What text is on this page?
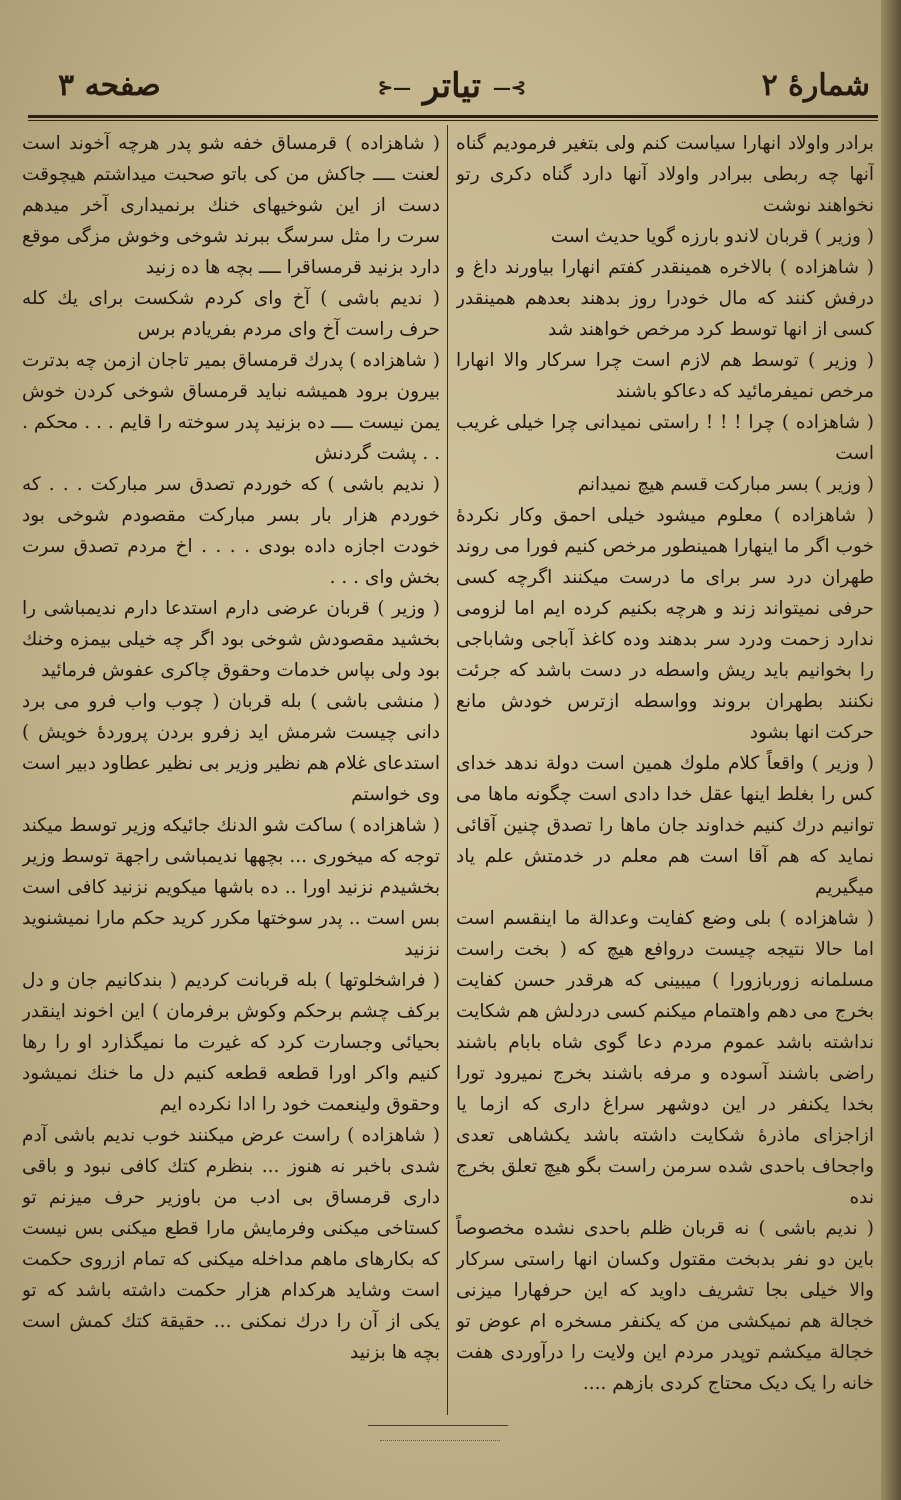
شمارۀ ۲
⊱— تیاتر —⊰
صفحه ۳

برادر واولاد انهارا سیاست کنم ولی بتغیر فرمودیم گناه آنها چه ربطی ببرادر واولاد آنها دارد گناه دکری رتو نخواهند نوشت

( وزیر ) قربان لاندو بارزه گویا حدیث است

( شاهزاده ) بالاخره همینقدر کفتم انهارا بیاورند داغ و درفش کنند که مال خودرا روز بدهند بعدهم همینقدر کسی از انها توسط کرد مرخص خواهند شد

( وزیر ) توسط هم لازم است چرا سرکار والا انهارا مرخص نمیفرمائید که دعاکو باشند

( شاهزاده ) چرا ! ! ! راستی نمیدانی چرا خیلی غریب است

( وزیر ) بسر مبارکت قسم هیچ نمیدانم

( شاهزاده ) معلوم میشود خیلی احمق وکار نکردۀ خوب اگر ما اینهارا همینطور مرخص کنیم فورا می روند طهران درد سر برای ما درست میکنند اگرچه کسی حرفی نمیتواند زند و هرچه بکنیم کرده ایم اما لزومی ندارد زحمت ودرد سر بدهند وده کاغذ آباجی وشاباجی را بخوانیم باید ریش واسطه در دست باشد که جرئت نکنند بطهران بروند وواسطه ازترس خودش مانع حرکت انها بشود

( وزیر ) واقعاً کلام ملوك همین است دولة ندهد خدای کس را بغلط اینها عقل خدا دادی است چگونه ماها می توانیم درك کنیم خداوند جان ماها را تصدق چنین آقائی نماید که هم آقا است هم معلم در خدمتش علم یاد میگیریم

( شاهزاده ) بلی وضع کفایت وعدالة ما اینقسم است اما حالا نتیجه چیست دروافع هیچ که ( بخت راست مسلمانه زوربازورا ) میبینی که هرقدر حسن کفایت بخرج می دهم واهتمام میکنم کسی دردلش هم شکایت نداشته باشد عموم مردم دعا گوی شاه بابام باشند راضی باشند آسوده و مرفه باشند بخرج نمیرود تورا بخدا یکنفر در این دوشهر سراغ داری که ازما یا ازاجزای ماذرۀ شکایت داشته باشد یکشاهی تعدی واجحاف باحدی شده سرمن راست بگو هیچ تعلق بخرج نده

( ندیم باشی ) نه قربان ظلم باحدی نشده مخصوصاً باین دو نفر بدبخت مقتول وکسان انها راستی سرکار والا خیلی بجا تشریف داوید که این حرفهارا میزنی خجالة هم نمیکشی من که یکنفر مسخره ام عوض تو خجالة میکشم توپدر مردم این ولایت را درآوردی هفت خانه را یک دیک محتاج کردی بازهم ....

( شاهزاده ) قرمساق خفه شو پدر هرچه آخوند است لعنت ــــ جاکش من کی باتو صحبت میداشتم هیچوقت دست از این شوخیهای خنك برنمیداری آخر میدهم سرت را مثل سرسگ ببرند شوخی وخوش مزگی موقع دارد بزنید قرمساقرا ــــ بچه ها ده زنید

( ندیم باشی ) آخ وای کردم شکست برای یك کله حرف راست آخ وای مردم بفریادم برس

( شاهزاده ) پدرك قرمساق بمیر تاجان ازمن چه بدترت بیرون برود همیشه نباید قرمساق شوخی کردن خوش یمن نیست ــــ ده بزنید پدر سوخته را قایم . . . محکم . . . پشت گردنش

( ندیم باشی ) که خوردم تصدق سر مبارکت . . . که خوردم هزار بار بسر مبارکت مقصودم شوخی بود خودت اجازه داده بودی . . . . اخ مردم تصدق سرت بخش وای . . .

( وزیر ) قربان عرضی دارم استدعا دارم ندیمباشی را بخشید مقصودش شوخی بود اگر چه خیلی بیمزه وخنك بود ولی بپاس خدمات وحقوق چاکری عفوش فرمائید

( منشی باشی ) بله قربان ( چوب واب فرو می برد دانی چیست شرمش اید زفرو بردن پروردۀ خویش ) استدعای غلام هم نظیر وزیر بی نظیر عطاود دبیر است وی خواستم

( شاهزاده ) ساکت شو الدنك جائیکه وزیر توسط میکند توجه که میخوری ... بچهها ندیمباشی راجهة توسط وزیر بخشیدم نزنید اورا .. ده باشها میکویم نزنید کافی است بس است .. پدر سوختها مکرر کرید حکم مارا نمیشنوید نزنید

( فراشخلوتها ) بله قربانت کردیم ( بندکانیم جان و دل برکف چشم برحکم وکوش برفرمان ) این اخوند اینقدر بحیائی وجسارت کرد که غیرت ما نمیگذارد او را رها کنیم واکر اورا قطعه قطعه کنیم دل ما خنك نمیشود وحقوق ولینعمت خود را ادا نکرده ایم

( شاهزاده ) راست عرض میکنند خوب ندیم باشی آدم شدی باخبر نه هنوز ... بنظرم کتك کافی نبود و باقی داری قرمساق بی ادب من باوزیر حرف میزنم تو کستاخی میکنی وفرمایش مارا قطع میکنی بس نیست که بکارهای ماهم مداخله میکنی که تمام ازروی حکمت است وشاید هرکدام هزار حکمت داشته باشد که تو یکی از آن را درك نمکنی ... حقیقة کتك کمش است بچه ها بزنید
